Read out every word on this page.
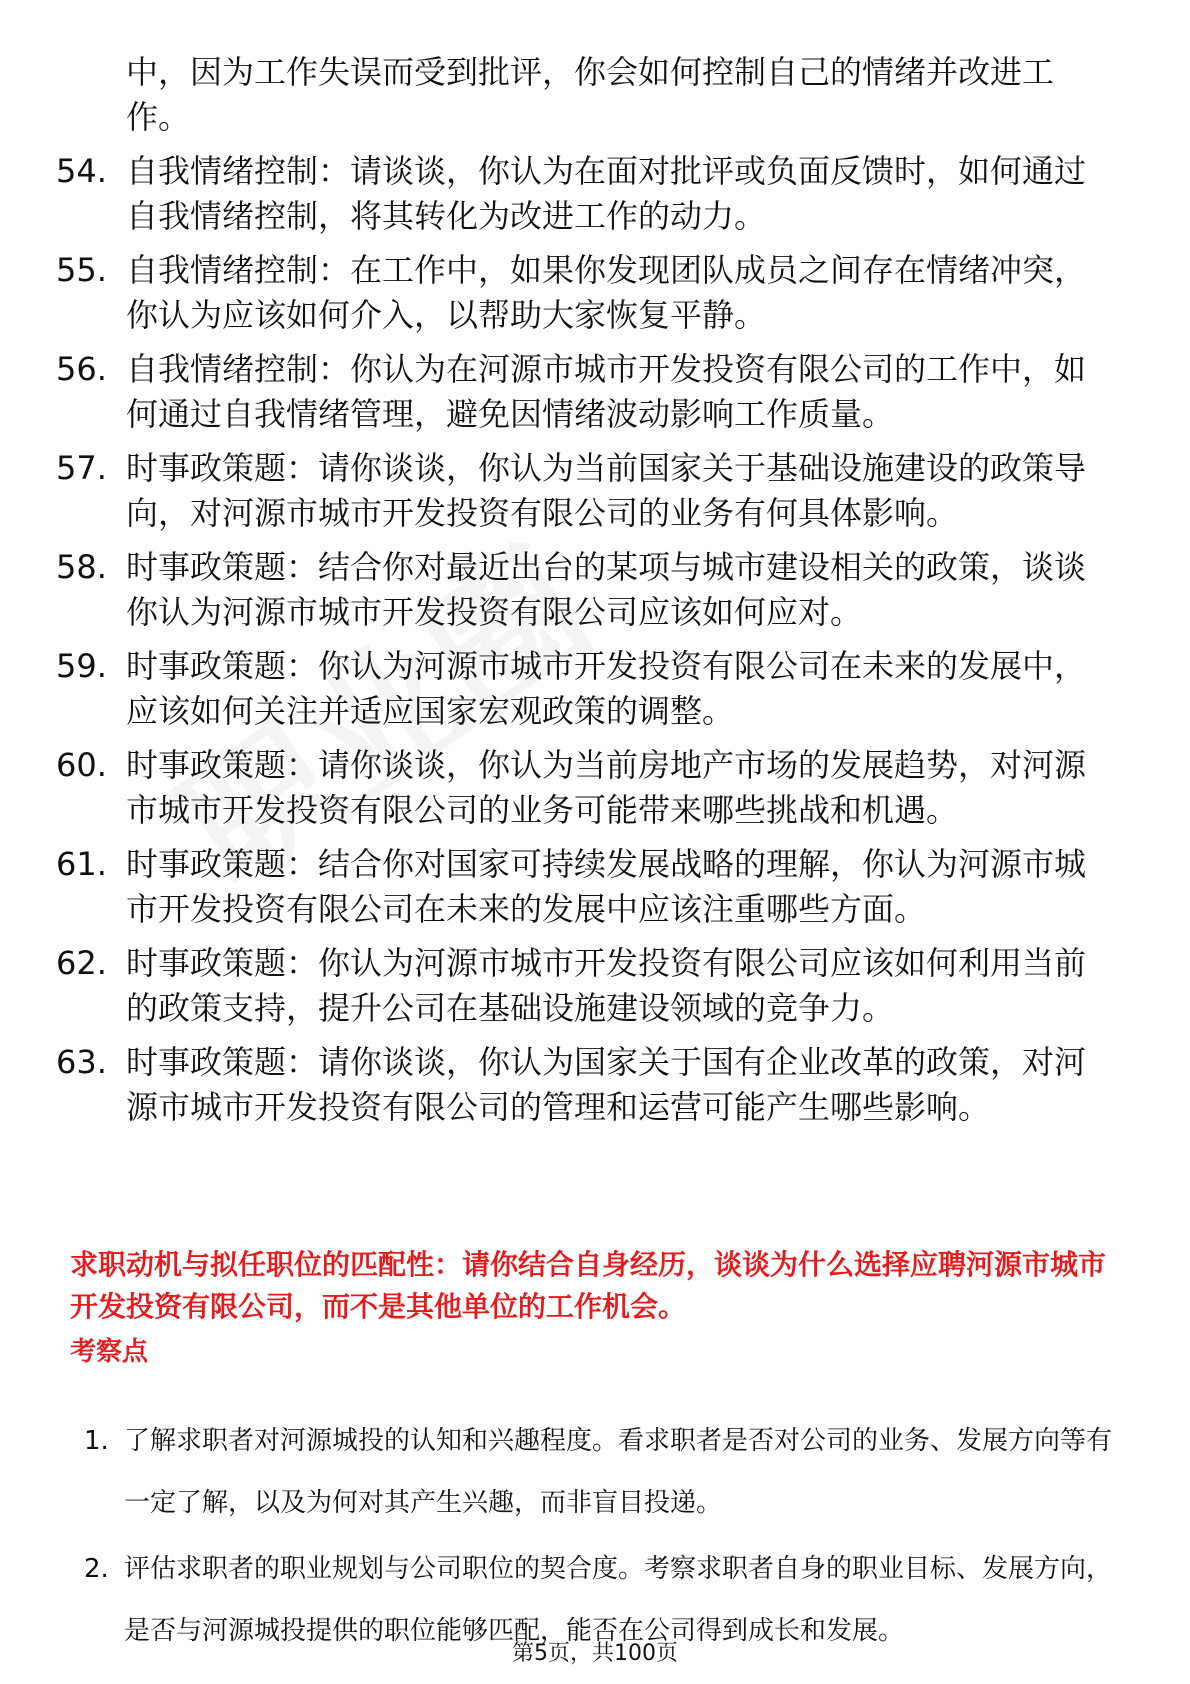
中，因为工作失误而受到批评，你会如何控制自己的情绪并改进工作。
54. 自我情绪控制：请谈谈，你认为在面对批评或负面反馈时，如何通过自我情绪控制，将其转化为改进工作的动力。
55. 自我情绪控制：在工作中，如果你发现团队成员之间存在情绪冲突，你认为应该如何介入，以帮助大家恢复平静。
56. 自我情绪控制：你认为在河源市城市开发投资有限公司的工作中，如何通过自我情绪管理，避免因情绪波动影响工作质量。
57. 时事政策题：请你谈谈，你认为当前国家关于基础设施建设的政策导向，对河源市城市开发投资有限公司的业务有何具体影响。
58. 时事政策题：结合你对最近出台的某项与城市建设相关的政策，谈谈你认为河源市城市开发投资有限公司应该如何应对。
59. 时事政策题：你认为河源市城市开发投资有限公司在未来的发展中，应该如何关注并适应国家宏观政策的调整。
60. 时事政策题：请你谈谈，你认为当前房地产市场的发展趋势，对河源市城市开发投资有限公司的业务可能带来哪些挑战和机遇。
61. 时事政策题：结合你对国家可持续发展战略的理解，你认为河源市城市开发投资有限公司在未来的发展中应该注重哪些方面。
62. 时事政策题：你认为河源市城市开发投资有限公司应该如何利用当前的政策支持，提升公司在基础设施建设领域的竞争力。
63. 时事政策题：请你谈谈，你认为国家关于国有企业改革的政策，对河源市城市开发投资有限公司的管理和运营可能产生哪些影响。
求职动机与拟任职位的匹配性：请你结合自身经历，谈谈为什么选择应聘河源市城市开发投资有限公司，而不是其他单位的工作机会。
考察点
1. 了解求职者对河源城投的认知和兴趣程度。看求职者是否对公司的业务、发展方向等有一定了解，以及为何对其产生兴趣，而非盲目投递。
2. 评估求职者的职业规划与公司职位的契合度。考察求职者自身的职业目标、发展方向，是否与河源城投提供的职位能够匹配，能否在公司得到成长和发展。
第5页，共100页
